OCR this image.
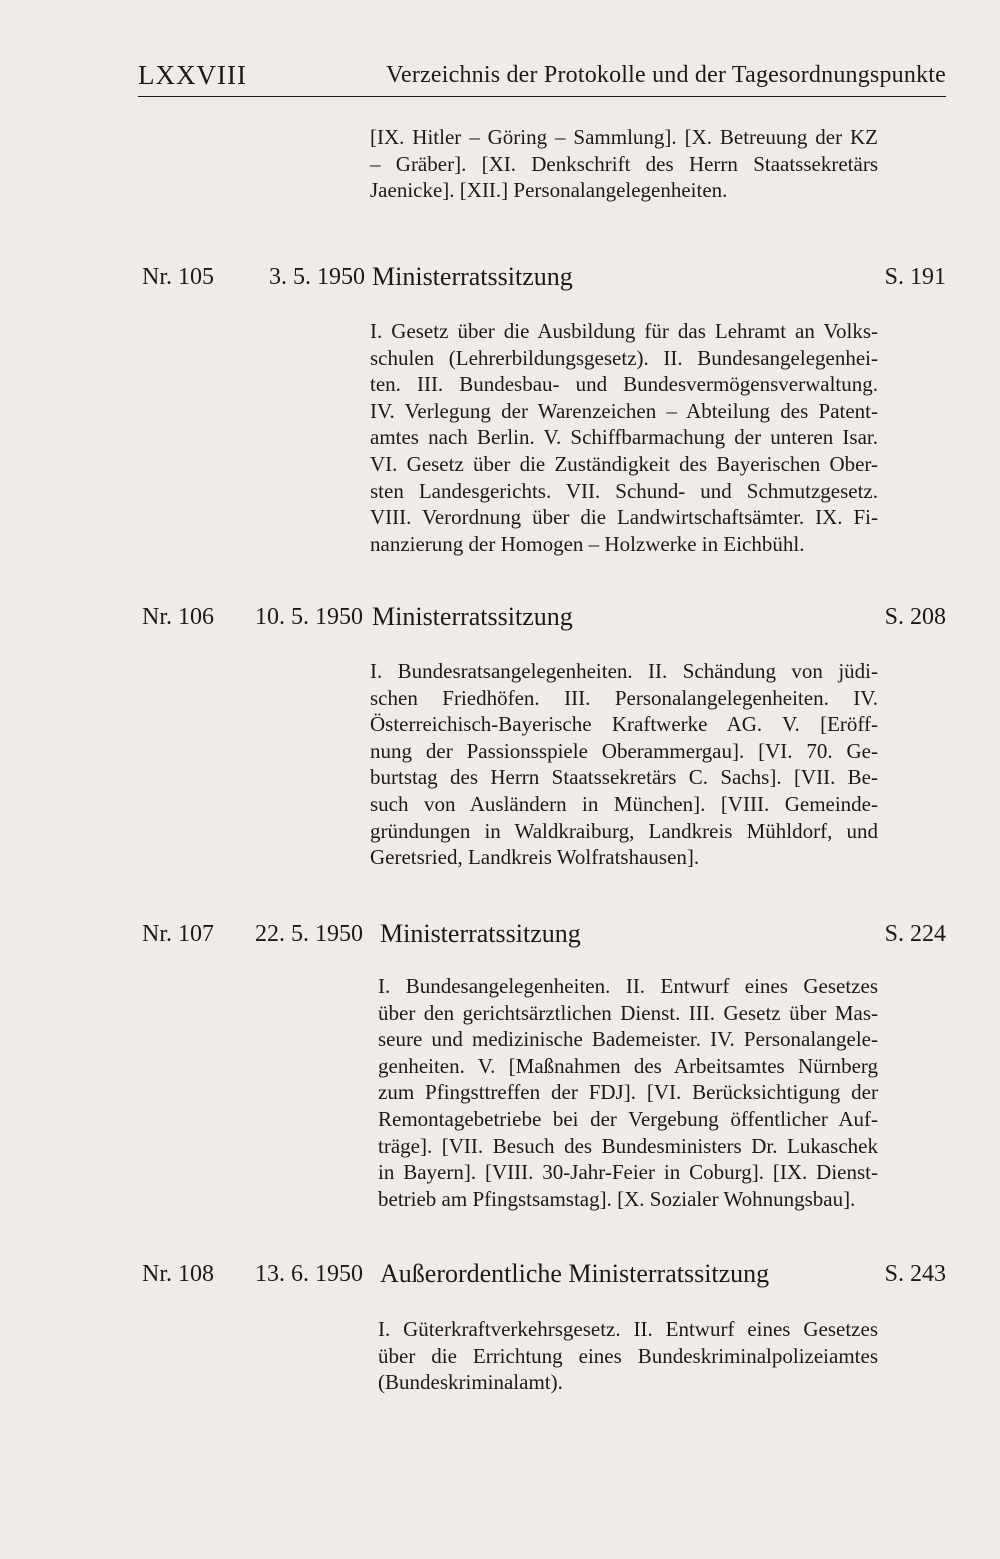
LXXVIII	Verzeichnis der Protokolle und der Tagesordnungspunkte
[IX. Hitler – Göring – Sammlung]. [X. Betreuung der KZ
– Gräber]. [XI. Denkschrift des Herrn Staatssekretärs
Jaenicke]. [XII.] Personalangelegenheiten.
Nr. 105	3. 5. 1950 Ministerratssitzung	S. 191
I. Gesetz über die Ausbildung für das Lehramt an Volks-
schulen (Lehrerbildungsgesetz). II. Bundesangelegenhei-
ten. III. Bundesbau- und Bundesvermögensverwaltung.
IV. Verlegung der Warenzeichen – Abteilung des Patent-
amtes nach Berlin. V. Schiffbarmachung der unteren Isar.
VI. Gesetz über die Zuständigkeit des Bayerischen Ober-
sten Landesgerichts. VII. Schund- und Schmutzgesetz.
VIII. Verordnung über die Landwirtschaftsämter. IX. Fi-
nanzierung der Homogen – Holzwerke in Eichbühl.
Nr. 106	10. 5. 1950 Ministerratssitzung	S. 208
I. Bundesratsangelegenheiten. II. Schändung von jüdi-
schen Friedhöfen. III. Personalangelegenheiten. IV.
Österreichisch-Bayerische Kraftwerke AG. V. [Eröff-
nung der Passionsspiele Oberammergau]. [VI. 70. Ge-
burtstag des Herrn Staatssekretärs C. Sachs]. [VII. Be-
such von Ausländern in München]. [VIII. Gemeinde-
gründungen in Waldkraiburg, Landkreis Mühldorf, und
Geretsried, Landkreis Wolfratshausen].
Nr. 107	22. 5. 1950 Ministerratssitzung	S. 224
I. Bundesangelegenheiten. II. Entwurf eines Gesetzes
über den gerichtsärztlichen Dienst. III. Gesetz über Mas-
seure und medizinische Bademeister. IV. Personalangele-
genheiten. V. [Maßnahmen des Arbeitsamtes Nürnberg
zum Pfingsttreffen der FDJ]. [VI. Berücksichtigung der
Remontagebetriebe bei der Vergebung öffentlicher Auf-
träge]. [VII. Besuch des Bundesministers Dr. Lukaschek
in Bayern]. [VIII. 30-Jahr-Feier in Coburg]. [IX. Dienst-
betrieb am Pfingstsamstag]. [X. Sozialer Wohnungsbau].
Nr. 108	13. 6. 1950 Außerordentliche Ministerratssitzung	S. 243
I. Güterkraftverkehrsgesetz. II. Entwurf eines Gesetzes
über die Errichtung eines Bundeskriminalpolizeiamtes
(Bundeskriminalamt).
